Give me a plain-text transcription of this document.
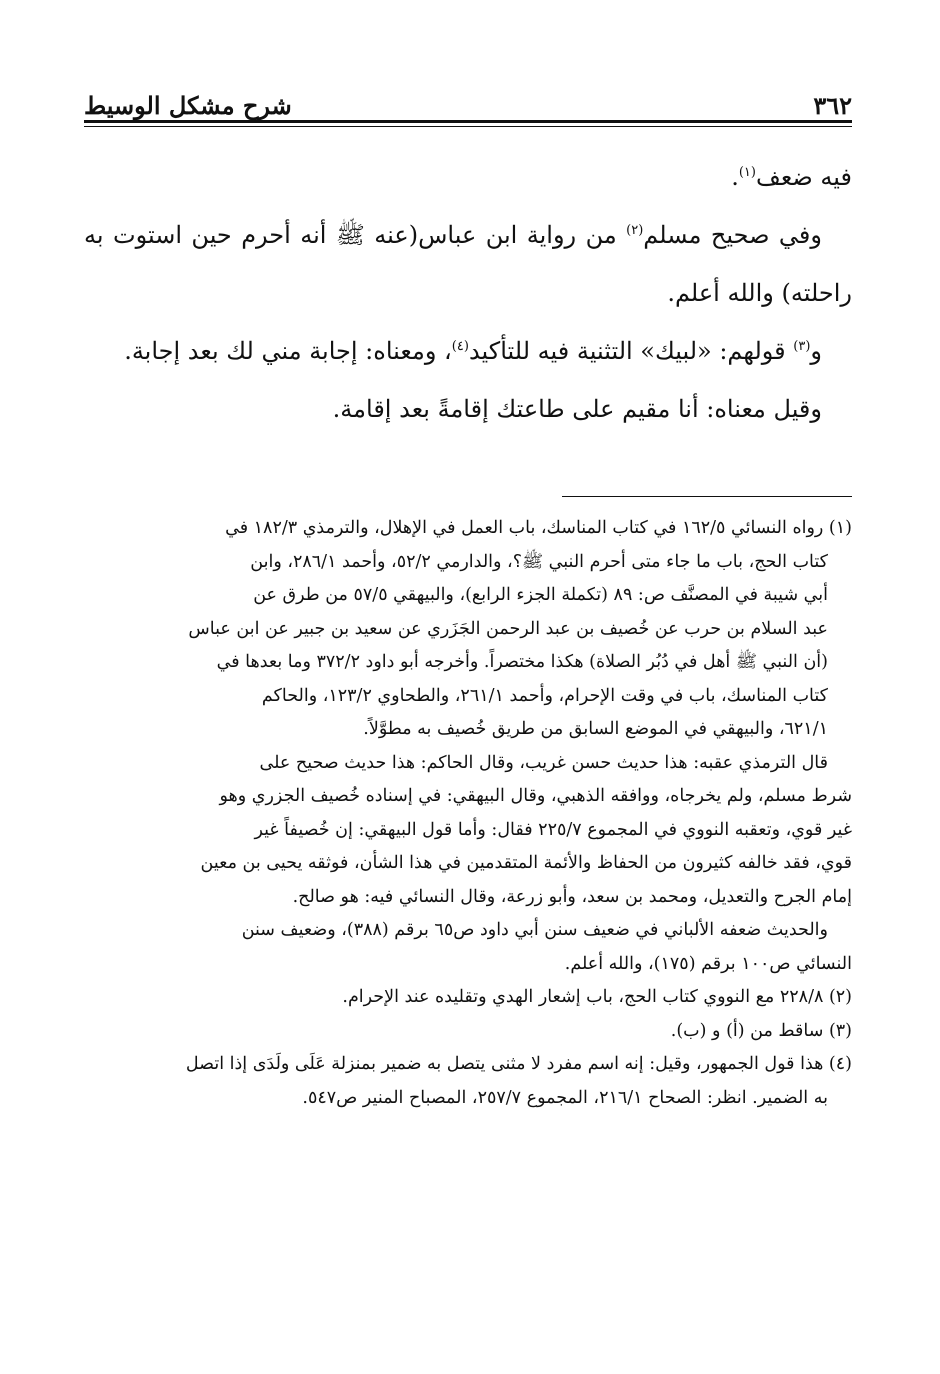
٣٦٢
شرح مشكل الوسيط

فيه ضعف$^{(١)}$.

وفي صحيح مسلم$^{(٢)}$ من رواية ابن عباس(عنه ﷺ أنه أحرم حين استوت به راحلته) والله أعلم.

و$^{(٣)}$ قولهم: «لبيك» التثنية فيه للتأكيد$^{(٤)}$، ومعناه: إجابة مني لك بعد إجابة.

وقيل معناه: أنا مقيم على طاعتك إقامةً بعد إقامة.

(١) رواه النسائي ١٦٢/٥ في كتاب المناسك، باب العمل في الإهلال، والترمذي ١٨٢/٣ في

كتاب الحج، باب ما جاء متى أحرم النبي ﷺ؟، والدارمي ٥٢/٢، وأحمد ٢٨٦/١، وابن

أبي شيبة في المصنَّف ص: ٨٩ (تكملة الجزء الرابع)، والبيهقي ٥٧/٥ من طرق عن

عبد السلام بن حرب عن خُصيف بن عبد الرحمن الجَزَري عن سعيد بن جبير عن ابن عباس

(أن النبي ﷺ أهل في دُبُر الصلاة) هكذا مختصراً. وأخرجه أبو داود ٣٧٢/٢ وما بعدها في

كتاب المناسك، باب في وقت الإحرام، وأحمد ٢٦١/١، والطحاوي ١٢٣/٢، والحاكم

٦٢١/١، والبيهقي في الموضع السابق من طريق خُصيف به مطوَّلاً.

قال الترمذي عقبه: هذا حديث حسن غريب، وقال الحاكم: هذا حديث صحيح على

شرط مسلم، ولم يخرجاه، ووافقه الذهبي، وقال البيهقي: في إسناده خُصيف الجزري وهو

غير قوي، وتعقبه النووي في المجموع ٢٢٥/٧ فقال: وأما قول البيهقي: إن خُصيفاً غير

قوي، فقد خالفه كثيرون من الحفاظ والأئمة المتقدمين في هذا الشأن، فوثقه يحيى بن معين

إمام الجرح والتعديل، ومحمد بن سعد، وأبو زرعة، وقال النسائي فيه: هو صالح.

والحديث ضعفه الألباني في ضعيف سنن أبي داود ص٦٥ برقم (٣٨٨)، وضعيف سنن

النسائي ص١٠٠ برقم (١٧٥)، والله أعلم.

(٢) ٢٢٨/٨ مع النووي كتاب الحج، باب إشعار الهدي وتقليده عند الإحرام.

(٣) ساقط من (أ) و (ب).

(٤) هذا قول الجمهور، وقيل: إنه اسم مفرد لا مثنى يتصل به ضمير بمنزلة عَلَى ولَدَى إذا اتصل

به الضمير. انظر: الصحاح ٢١٦/١، المجموع ٢٥٧/٧، المصباح المنير ص٥٤٧.
